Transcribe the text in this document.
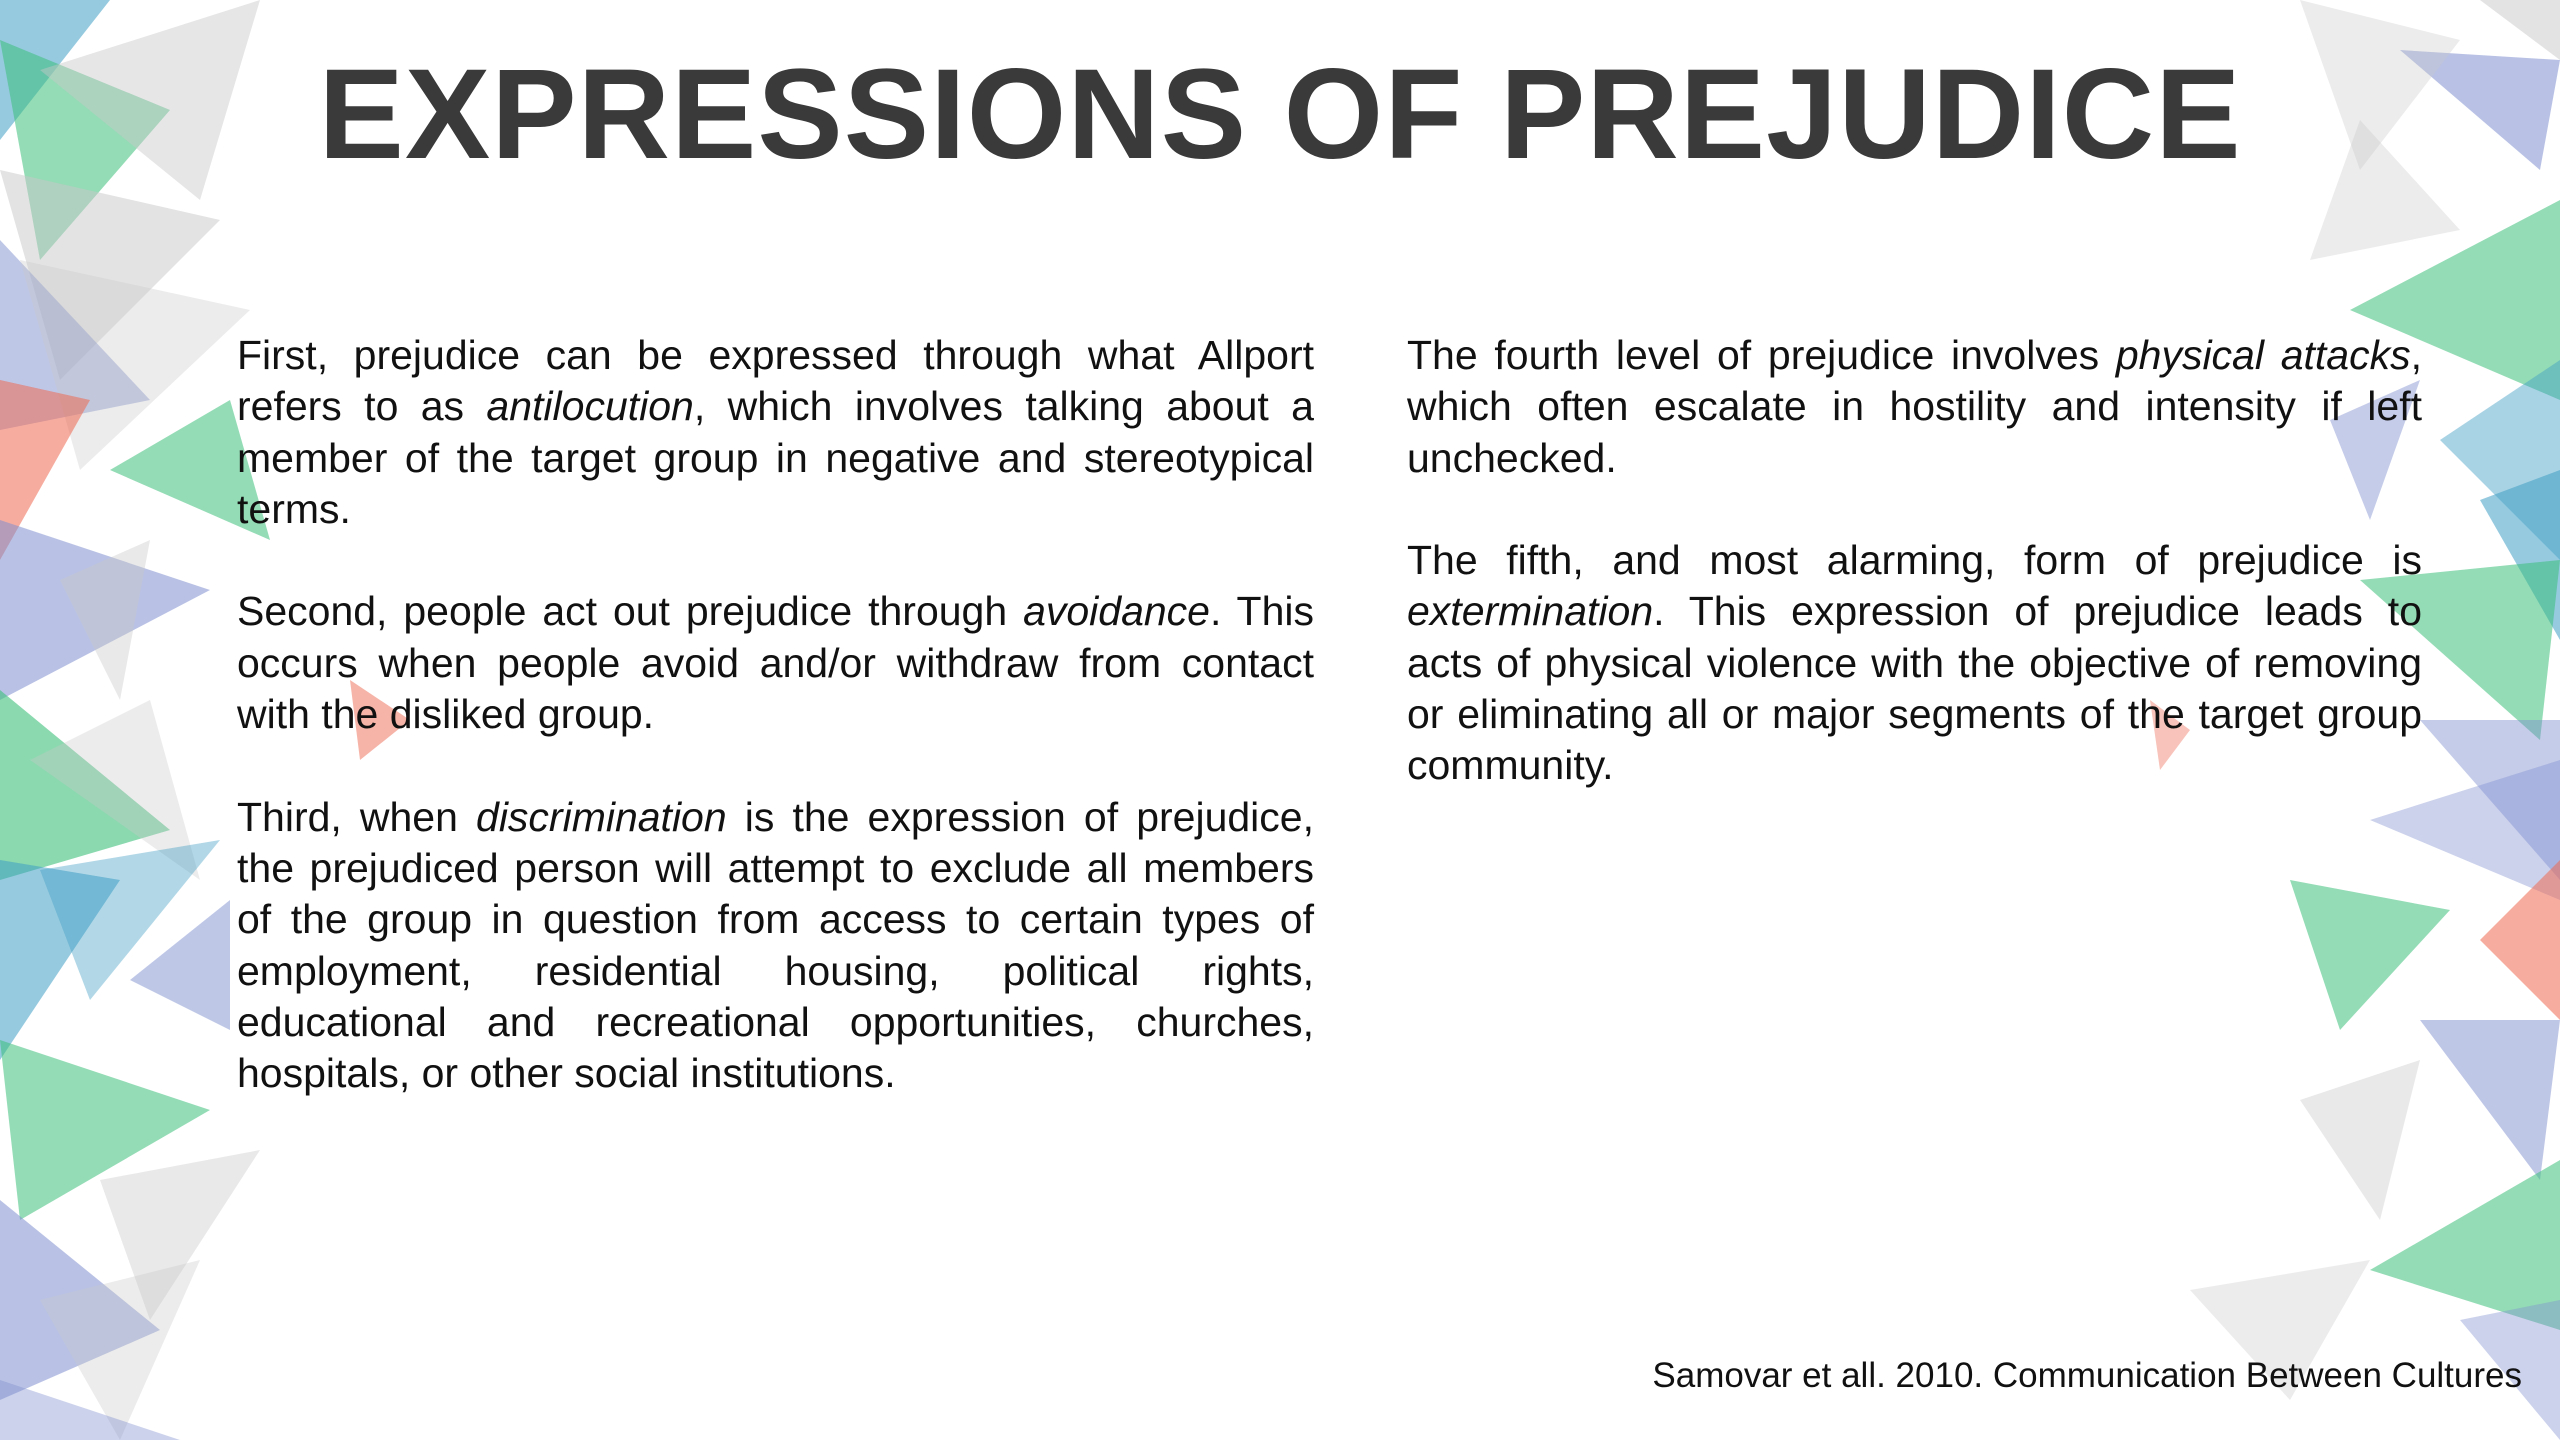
EXPRESSIONS OF PREJUDICE

First, prejudice can be expressed through what Allport refers to as antilocution, which involves talking about a member of the target group in negative and stereotypical terms.

Second, people act out prejudice through avoidance. This occurs when people avoid and/or withdraw from contact with the disliked group.

Third, when discrimination is the expression of prejudice, the prejudiced person will attempt to exclude all members of the group in question from access to certain types of employment, residential housing, political rights, educational and recreational opportunities, churches, hospitals, or other social institutions.

The fourth level of prejudice involves physical attacks, which often escalate in hostility and intensity if left unchecked.

The fifth, and most alarming, form of prejudice is extermination. This expression of prejudice leads to acts of physical violence with the objective of removing or eliminating all or major segments of the target group community.

Samovar et all. 2010. Communication Between Cultures
